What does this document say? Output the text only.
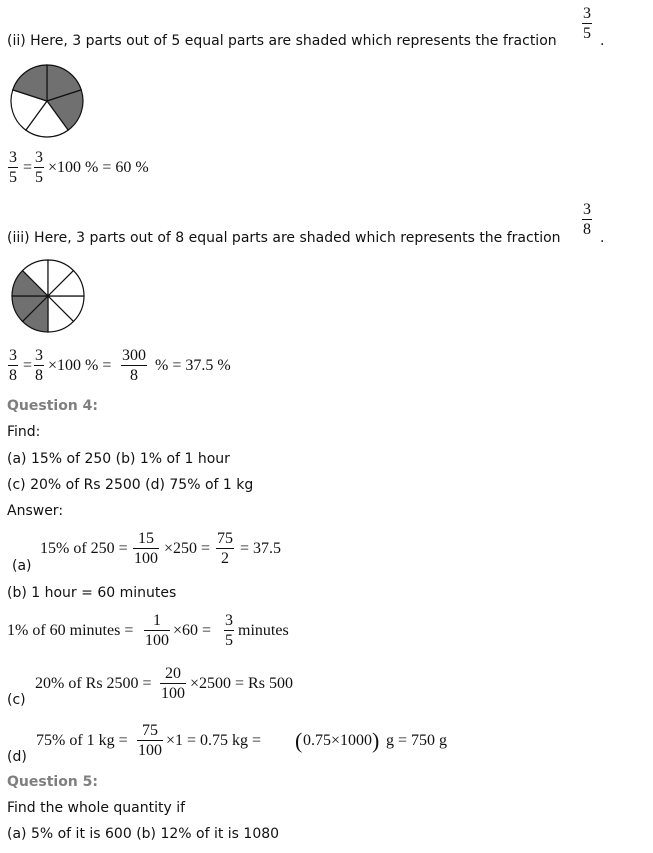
(ii) Here, 3 parts out of 5 equal parts are shaded which represents the fraction
3
5 .
3
5
=
3
5
×100 % = 60 %
(iii) Here, 3 parts out of 8 equal parts are shaded which represents the fraction
3
8 .
3
8
=
3
8
×100 % =
300
8
% = 37.5 %
Question 4:
Find:
(a) 15% of 250 (b) 1% of 1 hour
(c) 20% of Rs 2500 (d) 75% of 1 kg
Answer:
(a)
15% of 250 =
15
100
×250 =
75
2
= 37.5
(b) 1 hour = 60 minutes
1% of 60 minutes =
1
100
×60 =
3
5
minutes
(c)
20% of Rs 2500 =
20
100
×2500 = Rs 500
(d)
75% of 1 kg =
75
100
×1 = 0.75 kg = ( 0.75×1000 ) g = 750 g
Question 5:
Find the whole quantity if
(a) 5% of it is 600 (b) 12% of it is 1080
